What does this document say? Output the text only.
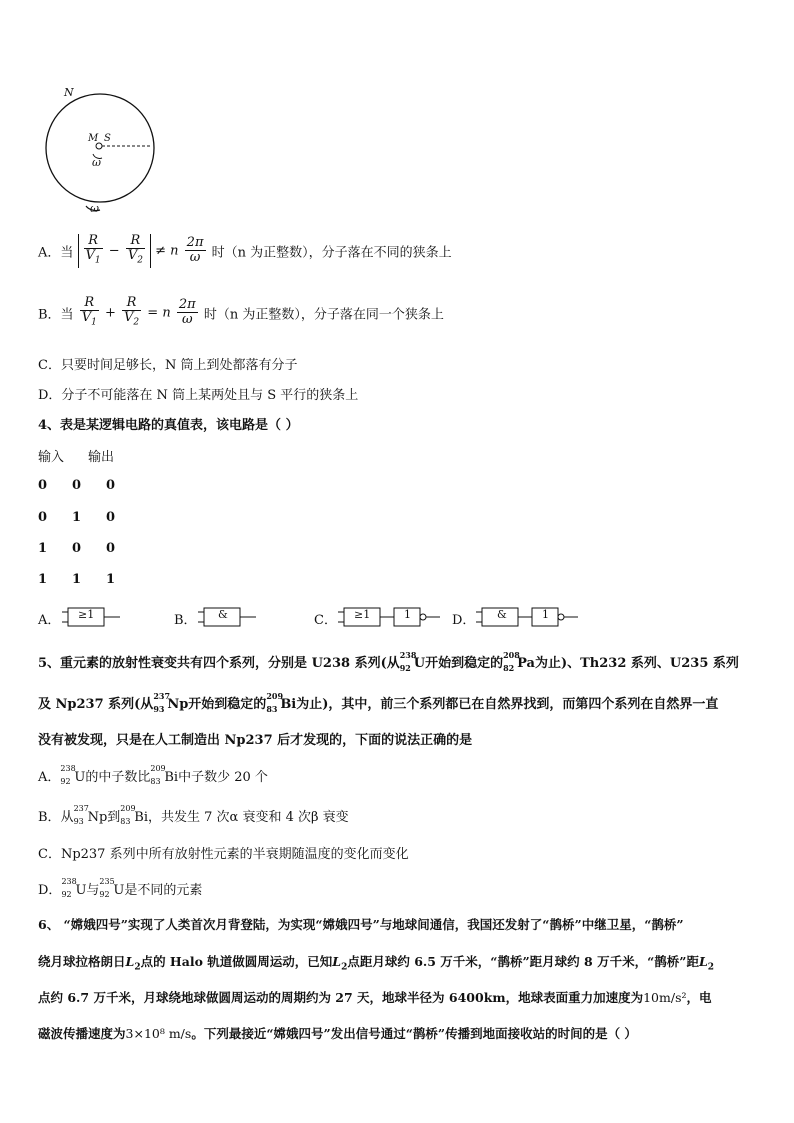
N
M S
ω
ω
A．当 $\frac{R}{V_1} - \frac{R}{V_2} \ne n \frac{2\pi}{\omega}$ 时（n 为正整数），分子落在不同的狭条上
B．当 $\frac{R}{V_1} + \frac{R}{V_2} = n \frac{2\pi}{\omega}$ 时（n 为正整数），分子落在同一个狭条上
C．只要时间足够长，N 筒上到处都落有分子
D．分子不可能落在 N 筒上某两处且与 S 平行的狭条上
4、表是某逻辑电路的真值表，该电路是（ ）
输入 输出
0 0 0
0 1 0
1 0 0
1 1 1
A． ≥1	B． &	C． ≥1	1	D． &	1
5、重元素的放射性衰变共有四个系列，分别是 U238 系列(从
238
92 U开始到稳定的
208
82 Pa为止)、Th232 系列、U235 系列
及 Np237 系列(从
237
93 Np开始到稳定的
209
83 Bi为止)，其中，前三个系列都已在自然界找到，而第四个系列在自然界一直
没有被发现，只是在人工制造出 Np237 后才发现的，下面的说法正确的是
A．
238
92 U的中子数比
209
83 Bi中子数少 20 个
B．从
237
93 Np到
209
83 Bi，共发生 7 次α 衰变和 4 次β 衰变
C．Np237 系列中所有放射性元素的半衰期随温度的变化而变化
D．
238
92 U与
235
92 U是不同的元素
6、 “嫦娥四号”实现了人类首次月背登陆，为实现“嫦娥四号”与地球间通信，我国还发射了“鹊桥”中继卫星，“鹊桥”
绕月球拉格朗日$L_2$点的 Halo 轨道做圆周运动，已知$L_2$点距月球约 6.5 万千米，“鹊桥”距月球约 8 万千米，“鹊桥”距$L_2$
点约 6.7 万千米，月球绕地球做圆周运动的周期约为 27 天，地球半径为 6400km，地球表面重力加速度为10m/s²，电
磁波传播速度为3×10⁸ m/s。下列最接近“嫦娥四号”发出信号通过“鹊桥”传播到地面接收站的时间的是（ ）
